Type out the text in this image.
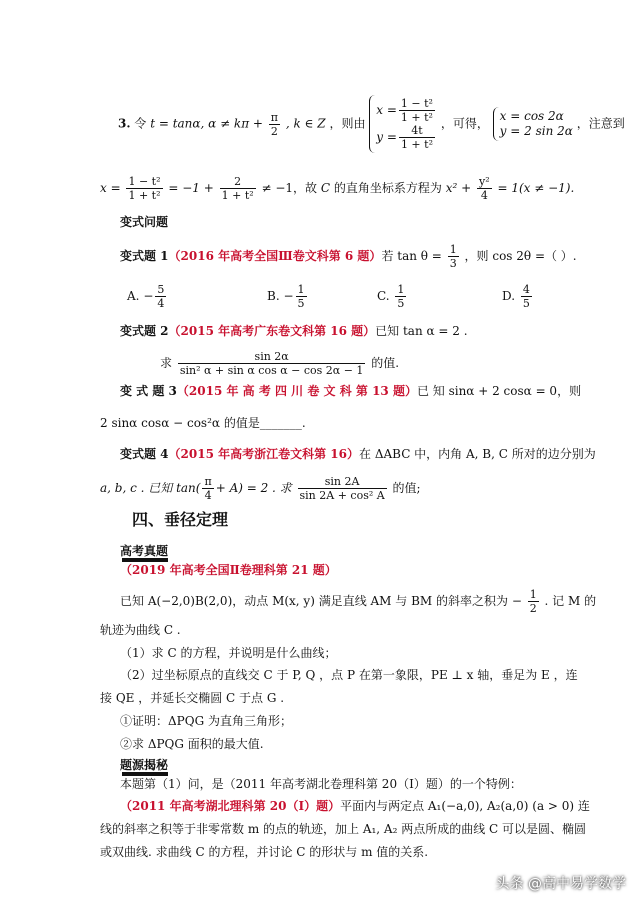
3. 令 t = tanα, $\alpha \ne k\pi + \frac{\pi}{2}$ , k ∈ Z ，则由
$x = \frac{\text{1 − t²}}{\text{1 + t²}}$
$y = \frac{4t}{\text{1 + t²}}$
，可得，
x = cos 2α
y = 2 sin 2α
，注意到
$x = \frac{\text{1 − t²}}{\text{1 + t²}} = -1 + \frac{2}{\text{1 + t²}} \ne -1$，故 C 的直角坐标系方程为 $x^2 + \frac{\text{y²}}{4} = 1(x \ne -1)$.
变式问题
变式题 1（2016 年高考全国Ⅲ卷文科第 6 题）若 $\tan \theta = \frac{1}{3}$ ，则 cos 2θ =（ ）.
A. − $\frac{5}{4}$	B. − $\frac{1}{5}$	C. $\frac{1}{5}$	D. $\frac{4}{5}$
变式题 2（2015 年高考广东卷文科第 16 题）已知 tan α = 2 .
求 $\frac{\sin 2\alpha}{\text{sin² α + sin α cos α − cos 2α − 1}}$ 的值.
变 式 题 3（2015 年 高 考 四 川 卷 文 科 第 13 题）已 知 sinα + 2 cosα = 0，则
2 sinα cosα − cos²α 的值是_______.
变式题 4（2015 年高考浙江卷文科第 16）在 ΔABC 中，内角 A, B, C 所对的边分别为
a, b, c . 已知 $\tan( \frac{\pi}{4} + A) = 2$ . 求 $\frac{\sin 2A}{\text{sin 2A + cos² A}}$ 的值;
四、垂径定理
高考真题
（2019 年高考全国Ⅱ卷理科第 21 题）
已知 A(−2,0)B(2,0)，动点 M(x, y) 满足直线 AM 与 BM 的斜率之积为 − $\frac{1}{2}$ . 记 M 的
轨迹为曲线 C .
（1）求 C 的方程，并说明是什么曲线；
（2）过坐标原点的直线交 C 于 P, Q ，点 P 在第一象限，PE ⊥ x 轴，垂足为 E ，连
接 QE ，并延长交椭圆 C 于点 G .
①证明：ΔPQG 为直角三角形；
②求 ΔPQG 面积的最大值.
题源揭秘
本题第（1）问，是（2011 年高考湖北卷理科第 20（Ⅰ）题）的一个特例：
（2011 年高考湖北理科第 20（Ⅰ）题）平面内与两定点 A₁(−a,0), A₂(a,0) (a > 0) 连
线的斜率之积等于非零常数 m 的点的轨迹，加上 A₁, A₂ 两点所成的曲线 C 可以是圆、椭圆
或双曲线. 求曲线 C 的方程，并讨论 C 的形状与 m 值的关系.
头条 @高中易学数学
